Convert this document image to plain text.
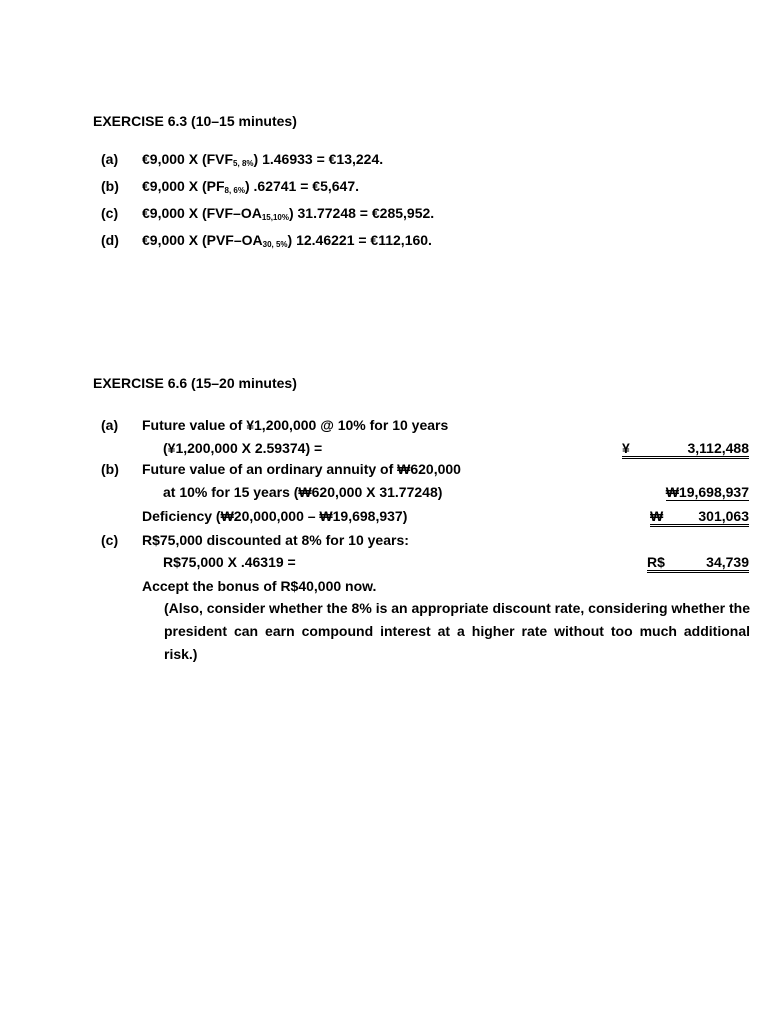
EXERCISE 6.3 (10–15 minutes)
(a) €9,000 X $(FVF_{5, 8\%}) 1.46933$ = €13,224.
(b) €9,000 X $(PF_{8, 6\%}) .62741$ = €5,647.
(c) €9,000 X $(FVF-OA_{15,10\%}) 31.77248$ = €285,952.
(d) €9,000 X $(PVF-OA_{30, 5\%}) 12.46221$ = €112,160.
EXERCISE 6.6 (15–20 minutes)
(a) Future value of ¥1,200,000 @ 10% for 10 years
(¥1,200,000 X 2.59374) =	¥	3,112,488
(b) Future value of an ordinary annuity of ₩620,000
at 10% for 15 years (₩620,000 X 31.77248)	₩19,698,937
Deficiency (₩20,000,000 – ₩19,698,937)	₩	301,063
(c) R$75,000 discounted at 8% for 10 years:
R$75,000 X .46319 =	R$	34,739
Accept the bonus of R$40,000 now.
(Also, consider whether the 8% is an appropriate discount rate, considering whether the president can earn compound interest at a higher rate without too much additional risk.)
